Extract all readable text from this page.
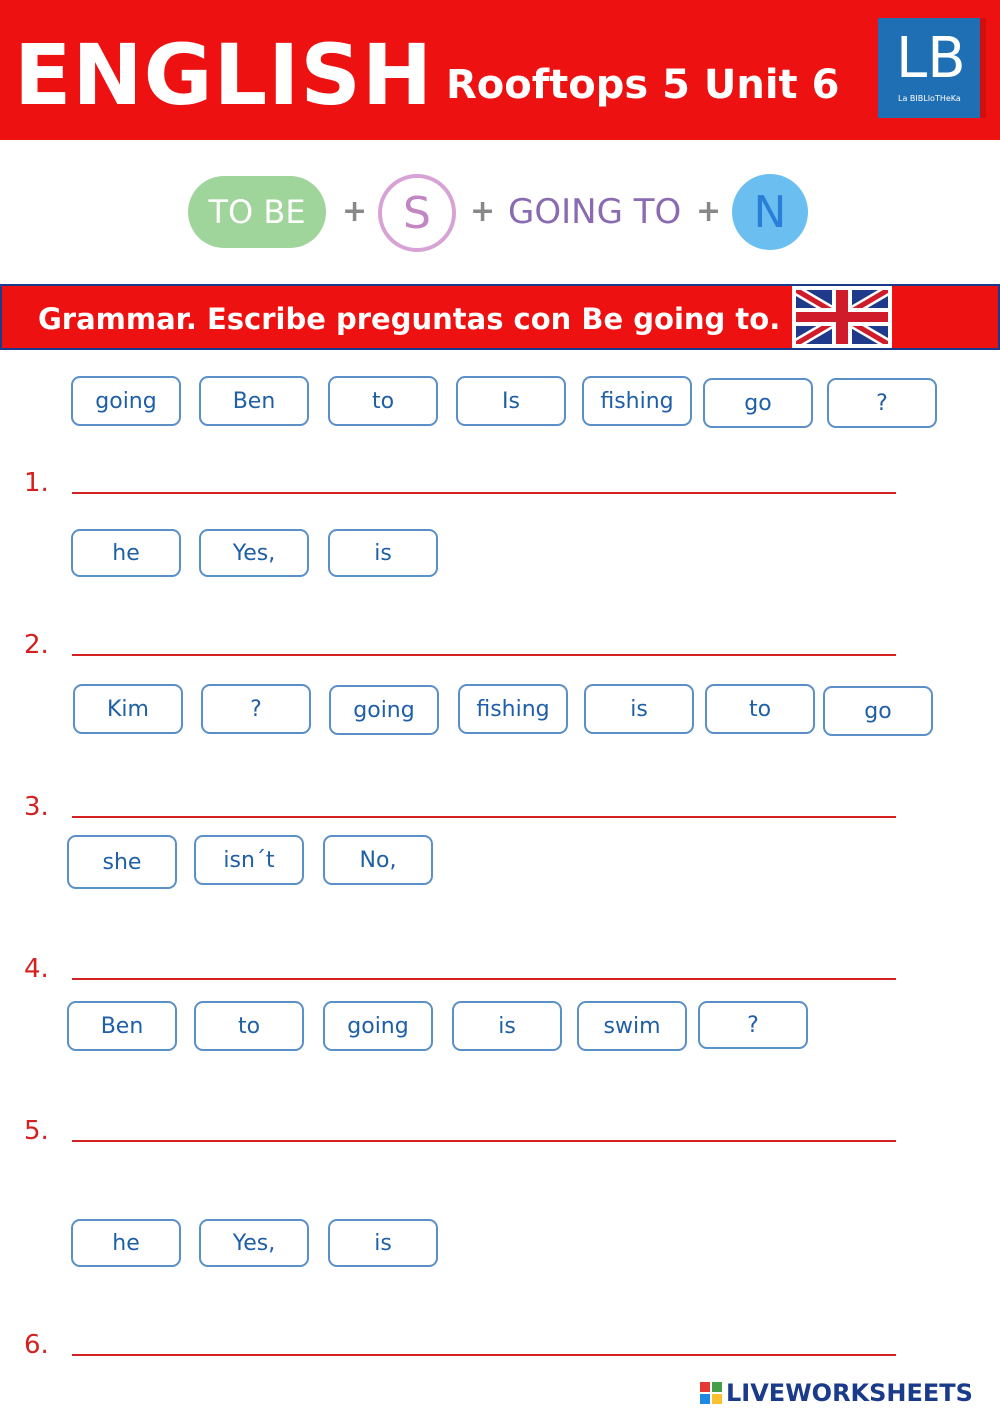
ENGLISH Rooftops 5 Unit 6 LB
La BIBLIoTHeKa
TO BE	+ S	+ GOING TO + N
Grammar. Escribe preguntas con Be going to.
going	Ben	to	Is	fishing	go	?
1.
he	Yes,	is
2.
Kim	?	going	fishing	is	to	go
3.
she	isn´t	No,
4.
Ben	to	going	is	swim	?
5.
he	Yes,	is
6.
LIVEWORKSHEETS
